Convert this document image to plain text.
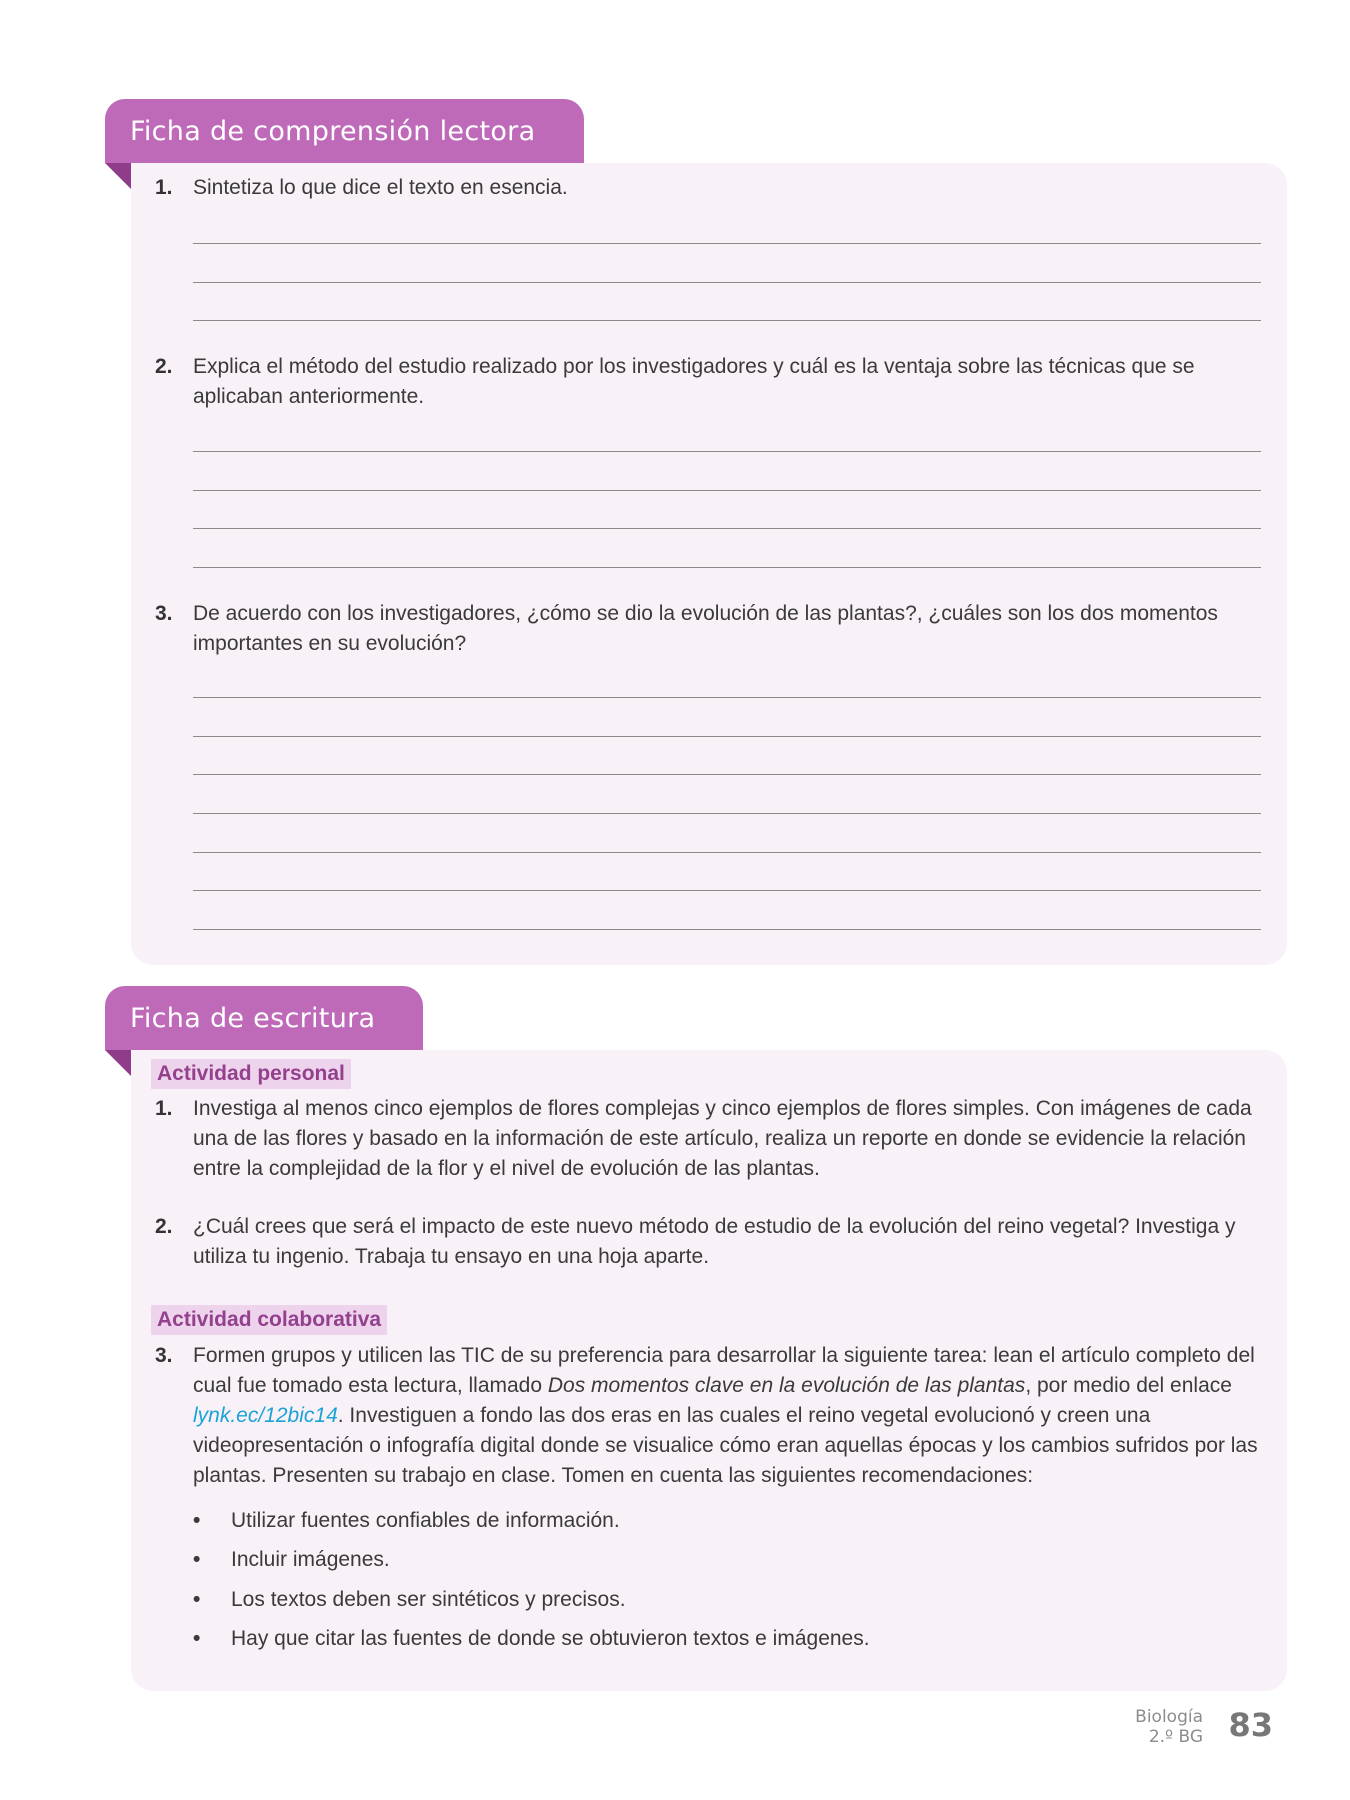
Ficha de comprensión lectora
1. Sintetiza lo que dice el texto en esencia.
2. Explica el método del estudio realizado por los investigadores y cuál es la ventaja sobre las técnicas que se aplicaban anteriormente.
3. De acuerdo con los investigadores, ¿cómo se dio la evolución de las plantas?, ¿cuáles son los dos momentos importantes en su evolución?
Ficha de escritura
Actividad personal
1. Investiga al menos cinco ejemplos de flores complejas y cinco ejemplos de flores simples. Con imágenes de cada una de las flores y basado en la información de este artículo, realiza un reporte en donde se evidencie la relación entre la complejidad de la flor y el nivel de evolución de las plantas.
2. ¿Cuál crees que será el impacto de este nuevo método de estudio de la evolución del reino vegetal? Investiga y utiliza tu ingenio. Trabaja tu ensayo en una hoja aparte.
Actividad colaborativa
3. Formen grupos y utilicen las TIC de su preferencia para desarrollar la siguiente tarea: lean el artículo completo del cual fue tomado esta lectura, llamado Dos momentos clave en la evolución de las plantas, por medio del enlace lynk.ec/12bic14. Investiguen a fondo las dos eras en las cuales el reino vegetal evolucionó y creen una videopresentación o infografía digital donde se visualice cómo eran aquellas épocas y los cambios sufridos por las plantas. Presenten su trabajo en clase. Tomen en cuenta las siguientes recomendaciones:
• Utilizar fuentes confiables de información.
• Incluir imágenes.
• Los textos deben ser sintéticos y precisos.
• Hay que citar las fuentes de donde se obtuvieron textos e imágenes.
Biología
2.º BG 83
